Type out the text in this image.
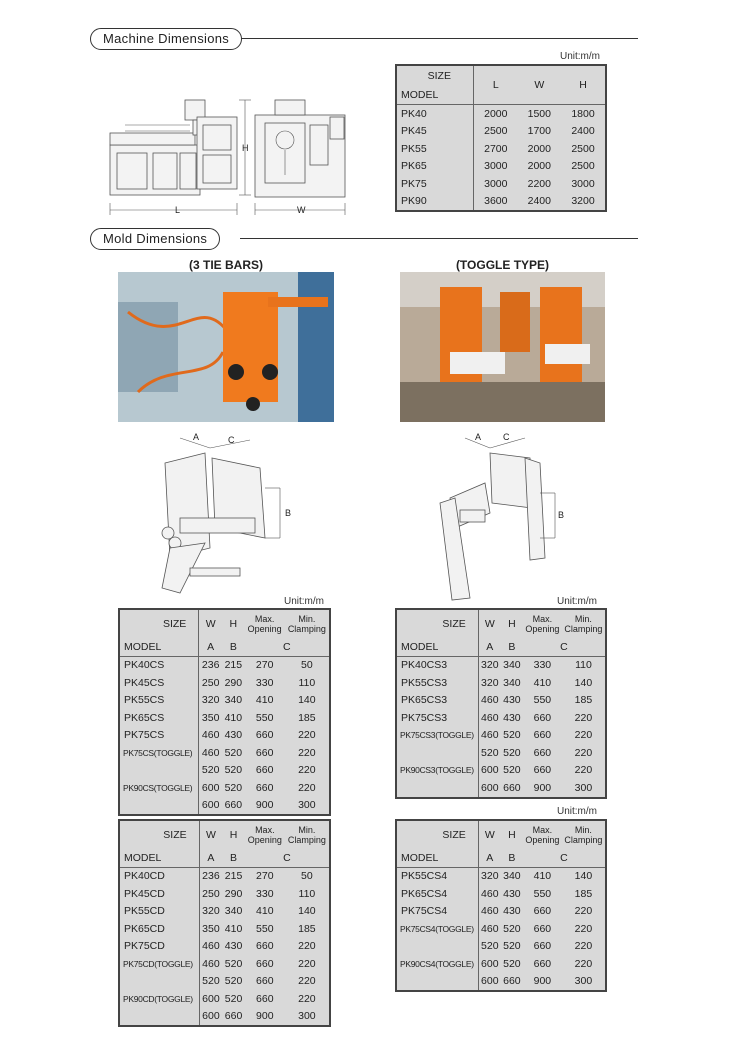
Machine Dimensions
L	W
H
Unit:m/m
SIZE	L	W	H
MODEL			
PK40	2000	1500	1800
PK45	2500	1700	2400
PK55	2700	2000	2500
PK65	3000	2000	2500
PK75	3000	2200	3000
PK90	3600	2400	3200
Mold Dimensions
(3 TIE BARS)	(TOGGLE TYPE)
A	C
B
A C
B
Unit:m/m	Unit:m/m
Unit:m/m
SIZE	W	H	Max.
Opening	Min.
Clamping
MODEL	A	B	C	
PK40CS	236	215	270	50
PK45CS	250	290	330	110
PK55CS	320	340	410	140
PK65CS	350	410	550	185
PK75CS	460	430	660	220
PK75CS(TOGGLE)	460	520	660	220
	520	520	660	220
PK90CS(TOGGLE)	600	520	660	220
	600	660	900	300
SIZE	W	H	Max.
Opening	Min.
Clamping
MODEL	A	B	C	
PK40CS3	320	340	330	110
PK55CS3	320	340	410	140
PK65CS3	460	430	550	185
PK75CS3	460	430	660	220
PK75CS3(TOGGLE)	460	520	660	220
	520	520	660	220
PK90CS3(TOGGLE)	600	520	660	220
	600	660	900	300
SIZE	W	H	Max.
Opening	Min.
Clamping
MODEL	A	B	C	
PK40CD	236	215	270	50
PK45CD	250	290	330	110
PK55CD	320	340	410	140
PK65CD	350	410	550	185
PK75CD	460	430	660	220
PK75CD(TOGGLE)	460	520	660	220
	520	520	660	220
PK90CD(TOGGLE)	600	520	660	220
	600	660	900	300
SIZE	W	H	Max.
Opening	Min.
Clamping
MODEL	A	B	C	
PK55CS4	320	340	410	140
PK65CS4	460	430	550	185
PK75CS4	460	430	660	220
PK75CS4(TOGGLE)	460	520	660	220
	520	520	660	220
PK90CS4(TOGGLE)	600	520	660	220
	600	660	900	300
